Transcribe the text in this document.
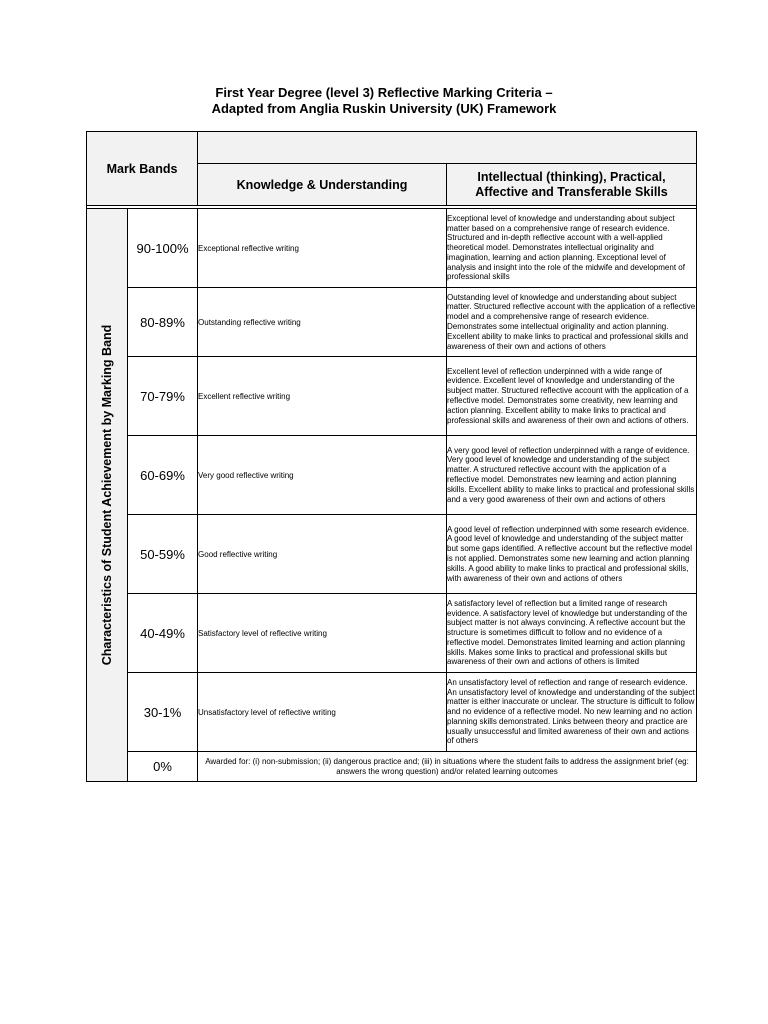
First Year Degree (level 3) Reflective Marking Criteria –
Adapted from Anglia Ruskin University (UK) Framework
Mark Bands			
		Knowledge & Understanding	Intellectual (thinking), Practical,
Affective and Transferable Skills

Characteristics of Student Achievement by Marking Band	90-100%	Exceptional reflective writing	Exceptional level of knowledge and understanding about subject matter based on a comprehensive range of research evidence. Structured and in-depth reflective account with a well-applied theoretical model. Demonstrates intellectual originality and imagination, learning and action planning. Exceptional level of analysis and insight into the role of the midwife and development of professional skills
	80-89%	Outstanding reflective writing	Outstanding level of knowledge and understanding about subject matter. Structured reflective account with the application of a reflective model and a comprehensive range of research evidence. Demonstrates some intellectual originality and action planning. Excellent ability to make links to practical and professional skills and awareness of their own and actions of others
	70-79%	Excellent reflective writing	Excellent level of reflection underpinned with a wide range of evidence. Excellent level of knowledge and understanding of the subject matter. Structured reflective account with the application of a reflective model. Demonstrates some creativity, new learning and action planning. Excellent ability to make links to practical and professional skills and awareness of their own and actions of others.
	60-69%	Very good reflective writing	A very good level of reflection underpinned with a range of evidence. Very good level of knowledge and understanding of the subject matter. A structured reflective account with the application of a reflective model. Demonstrates new learning and action planning skills. Excellent ability to make links to practical and professional skills and a very good awareness of their own and actions of others
	50-59%	Good reflective writing	A good level of reflection underpinned with some research evidence. A good level of knowledge and understanding of the subject matter but some gaps identified. A reflective account but the reflective model is not applied. Demonstrates some new learning and action planning skills. A good ability to make links to practical and professional skills, with awareness of their own and actions of others
	40-49%	Satisfactory level of reflective writing	A satisfactory level of reflection but a limited range of research evidence. A satisfactory level of knowledge but understanding of the subject matter is not always convincing. A reflective account but the structure is sometimes difficult to follow and no evidence of a reflective model. Demonstrates limited learning and action planning skills. Makes some links to practical and professional skills but awareness of their own and actions of others is limited
	30-1%	Unsatisfactory level of reflective writing	An unsatisfactory level of reflection and range of research evidence. An unsatisfactory level of knowledge and understanding of the subject matter is either inaccurate or unclear. The structure is difficult to follow and no evidence of a reflective model. No new learning and no action planning skills demonstrated. Links between theory and practice are usually unsuccessful and limited awareness of their own and actions of others
	0%	Awarded for: (i) non-submission; (ii) dangerous practice and; (iii) in situations where the student fails to address the assignment brief (eg: answers the wrong question) and/or related learning outcomes	
